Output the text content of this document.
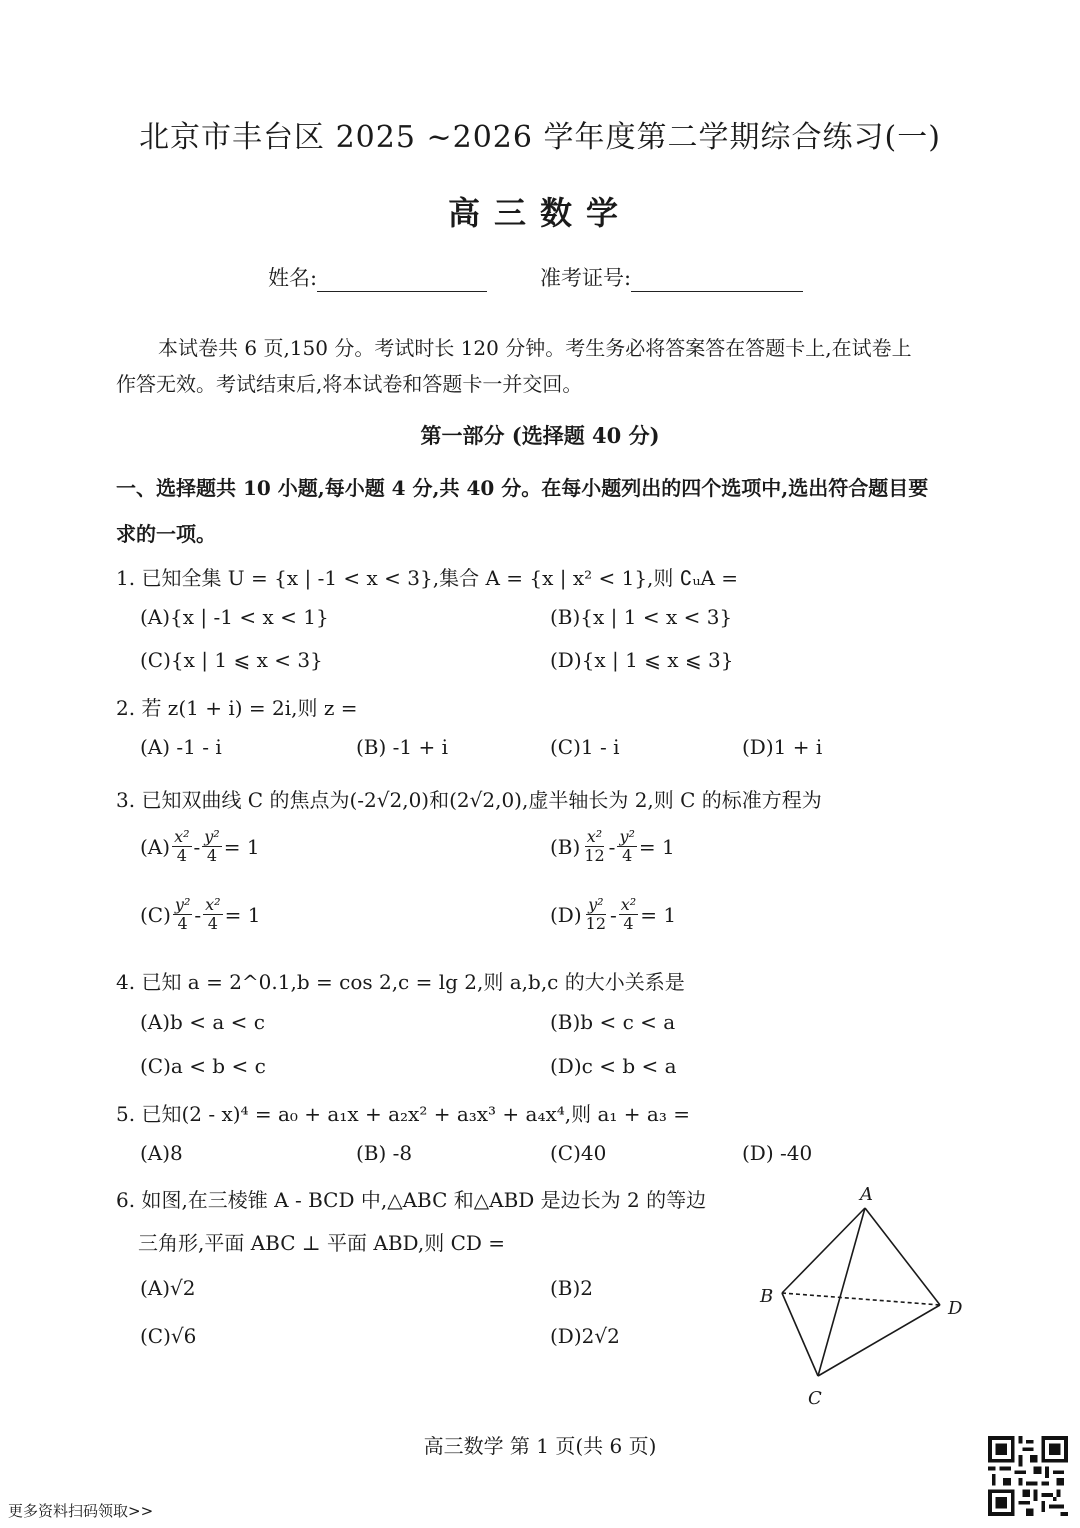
北京市丰台区 2025 ~2026 学年度第二学期综合练习(一)
高三数学
姓名:	准考证号:
本试卷共 6 页,150 分。考试时长 120 分钟。考生务必将答案答在答题卡上,在试卷上
作答无效。考试结束后,将本试卷和答题卡一并交回。
第一部分 (选择题 40 分)
一、选择题共 10 小题,每小题 4 分,共 40 分。在每小题列出的四个选项中,选出符合题目要
求的一项。
1. 已知全集 U = {x | -1 < x < 3},集合 A = {x | x² < 1},则 ∁ᵤA =
(A){x | -1 < x < 1}	(B){x | 1 < x < 3}
(C){x | 1 ⩽ x < 3}	(D){x | 1 ⩽ x ⩽ 3}
2. 若 z(1 + i) = 2i,则 z =
(A) -1 - i	(B) -1 + i	(C)1 - i	(D)1 + i
3. 已知双曲线 C 的焦点为(-2√2,0)和(2√2,0),虚半轴长为 2,则 C 的标准方程为
$(A) \frac{\text{x²}}{4} - \frac{\text{y²}}{4} = 1$	$(B) \frac{\text{x²}}{12} - \frac{\text{y²}}{4} = 1$
$(C) \frac{\text{y²}}{4} - \frac{\text{x²}}{4} = 1$	$(D) \frac{\text{y²}}{12} - \frac{\text{x²}}{4} = 1$
4. 已知 a = 2^0.1,b = cos 2,c = lg 2,则 a,b,c 的大小关系是
(A)b < a < c	(B)b < c < a
(C)a < b < c	(D)c < b < a
5. 已知(2 - x)⁴ = a₀ + a₁x + a₂x² + a₃x³ + a₄x⁴,则 a₁ + a₃ =
(A)8	(B) -8	(C)40	(D) -40
6. 如图,在三棱锥 A - BCD 中,△ABC 和△ABD 是边长为 2 的等边
三角形,平面 ABC ⊥ 平面 ABD,则 CD =
(A)√2	(B)2
(C)√6	(D)2√2
A
B
C
D
高三数学 第 1 页(共 6 页)
更多资料扫码领取>>
